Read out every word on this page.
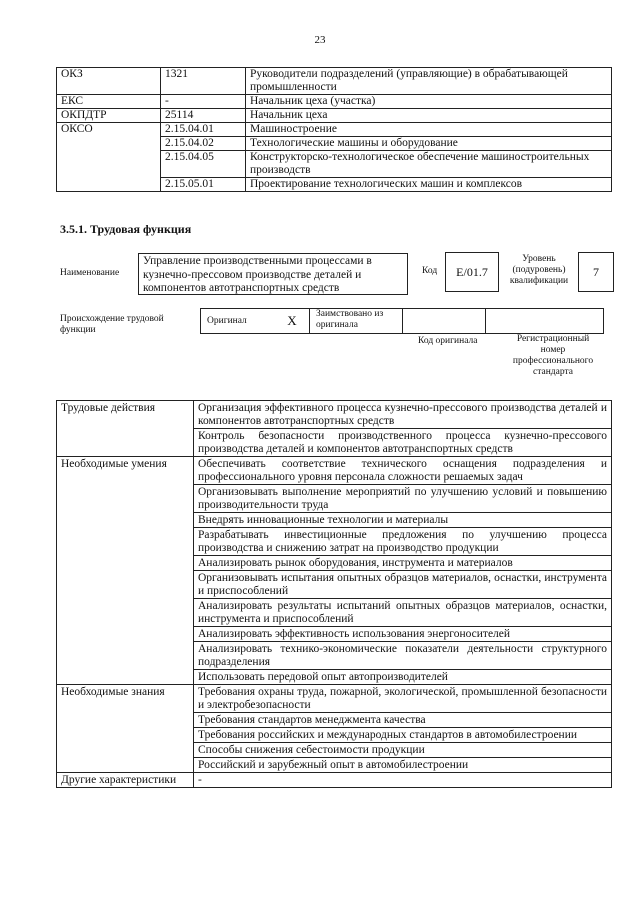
23
ОКЗ	1321	Руководители подразделений (управляющие) в обрабатывающей промышленности
ЕКС	-	Начальник цеха (участка)
ОКПДТР	25114	Начальник цеха
ОКСО	2.15.04.01	Машиностроение
	2.15.04.02	Технологические машины и оборудование
	2.15.04.05	Конструкторско-технологическое обеспечение машиностроительных производств
	2.15.05.01	Проектирование технологических машин и комплексов
3.5.1. Трудовая функция
Наименование
Управление производственными процессами в кузнечно-прессовом производстве деталей и компонентов автотранспортных средств
Код	E/01.7
Уровень (подуровень) квалификации
7
Происхождение трудовой функции
Оригинал	X	Заимствовано из оригинала		
Код оригинала	Регистрационный номер профессионального стандарта
Трудовые действия	Организация эффективного процесса кузнечно-прессового производства деталей и компонентов автотранспортных средств
	Контроль безопасности производственного процесса кузнечно-прессового производства деталей и компонентов автотранспортных средств
Необходимые умения	Обеспечивать соответствие технического оснащения подразделения и профессионального уровня персонала сложности решаемых задач
	Организовывать выполнение мероприятий по улучшению условий и повышению производительности труда
	Внедрять инновационные технологии и материалы
	Разрабатывать инвестиционные предложения по улучшению процесса производства и снижению затрат на производство продукции
	Анализировать рынок оборудования, инструмента и материалов
	Организовывать испытания опытных образцов материалов, оснастки, инструмента и приспособлений
	Анализировать результаты испытаний опытных образцов материалов, оснастки, инструмента и приспособлений
	Анализировать эффективность использования энергоносителей
	Анализировать технико-экономические показатели деятельности структурного подразделения
	Использовать передовой опыт автопроизводителей
Необходимые знания	Требования охраны труда, пожарной, экологической, промышленной безопасности и электробезопасности
	Требования стандартов менеджмента качества
	Требования российских и международных стандартов в автомобилестроении
	Способы снижения себестоимости продукции
	Российский и зарубежный опыт в автомобилестроении
Другие характеристики	-
